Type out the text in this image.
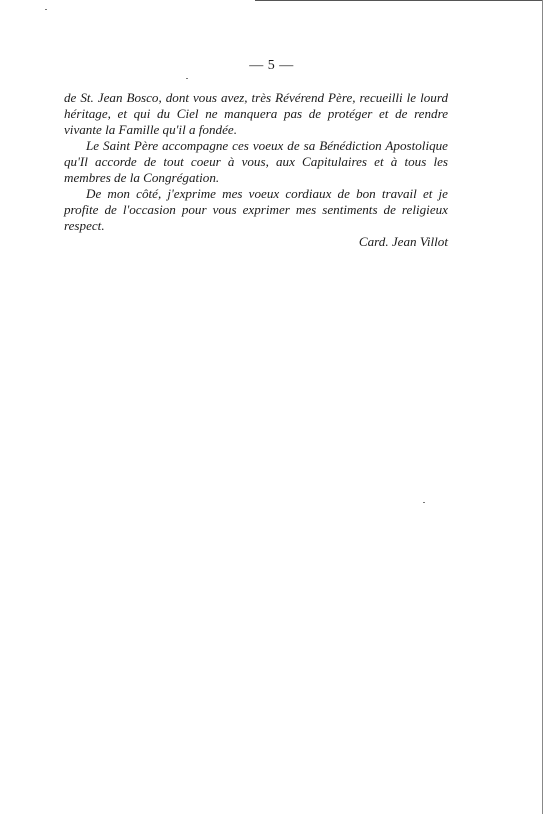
— 5 —

de St. Jean Bosco, dont vous avez, très Révérend Père, recueilli le lourd héritage, et qui du Ciel ne manquera pas de protéger et de rendre vivante la Famille qu'il a fondée.

Le Saint Père accompagne ces voeux de sa Bénédiction Apostolique qu'Il accorde de tout coeur à vous, aux Capitulaires et à tous les membres de la Congrégation.

De mon côté, j'exprime mes voeux cordiaux de bon travail et je profite de l'occasion pour vous exprimer mes sentiments de religieux respect.

Card. Jean Villot
